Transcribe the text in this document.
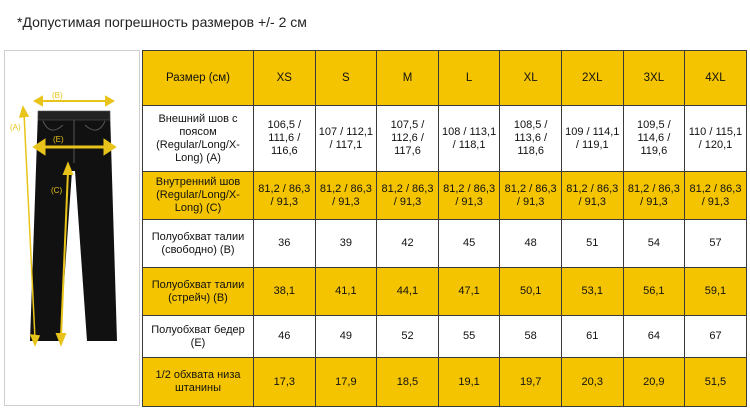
*Допустимая погрешность размеров +/- 2 см
(B)
(A)
(E)
(C)
Размер (см)	XS	S	M	L	XL	2XL	3XL	4XL
Внешний шов с поясом (Regular/Long/X-Long) (A)	106,5 / 111,6 / 116,6	107 / 112,1 / 117,1	107,5 / 112,6 / 117,6	108 / 113,1 / 118,1	108,5 / 113,6 / 118,6	109 / 114,1 / 119,1	109,5 / 114,6 / 119,6	110 / 115,1 / 120,1
Внутренний шов (Regular/Long/X-Long) (C)	81,2 / 86,3 / 91,3	81,2 / 86,3 / 91,3	81,2 / 86,3 / 91,3	81,2 / 86,3 / 91,3	81,2 / 86,3 / 91,3	81,2 / 86,3 / 91,3	81,2 / 86,3 / 91,3	81,2 / 86,3 / 91,3
Полуобхват талии (свободно) (B)	36	39	42	45	48	51	54	57
Полуобхват талии (стрейч) (B)	38,1	41,1	44,1	47,1	50,1	53,1	56,1	59,1
Полуобхват бедер (E)	46	49	52	55	58	61	64	67
1/2 обхвата низа штанины	17,3	17,9	18,5	19,1	19,7	20,3	20,9	51,5
